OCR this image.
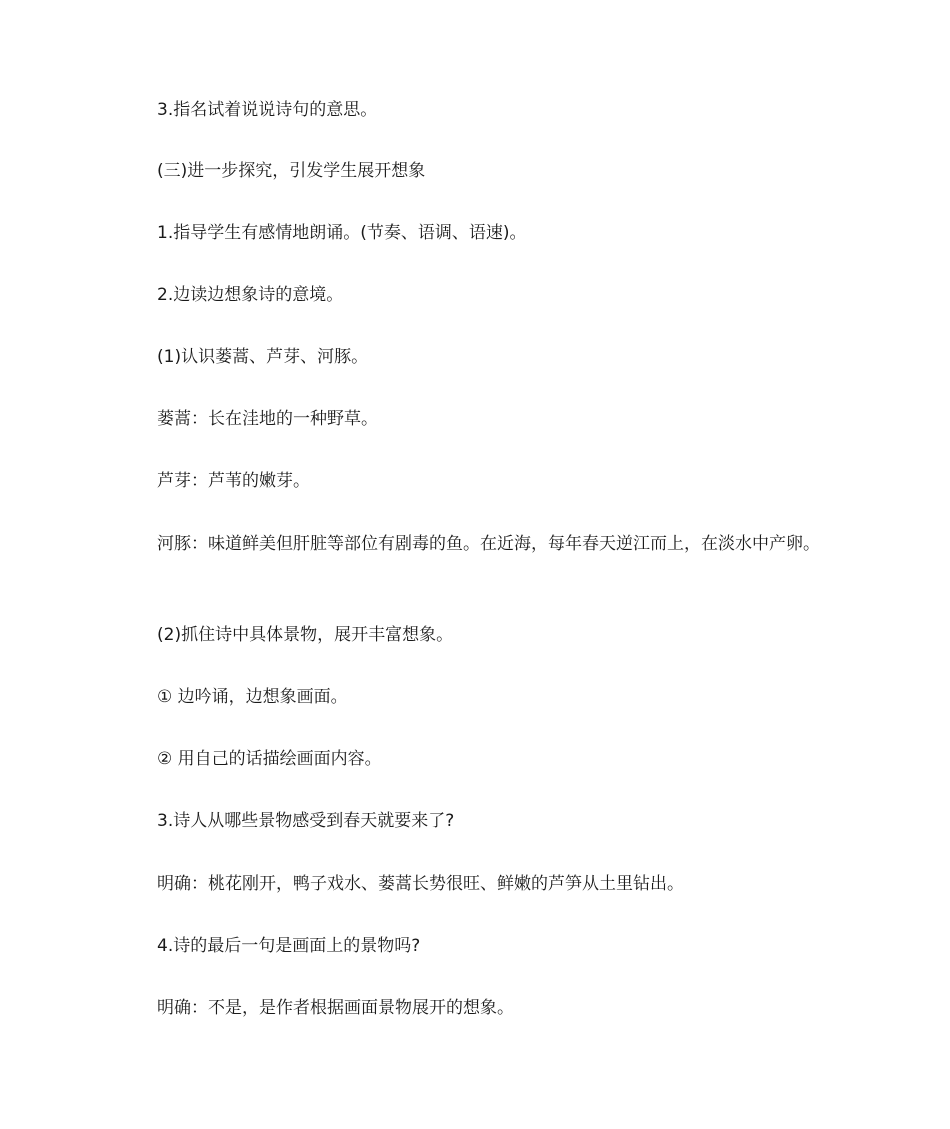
3.指名试着说说诗句的意思。

(三)进一步探究，引发学生展开想象

1.指导学生有感情地朗诵。(节奏、语调、语速)。

2.边读边想象诗的意境。

(1)认识蒌蒿、芦芽、河豚。

蒌蒿：长在洼地的一种野草。

芦芽：芦苇的嫩芽。

河豚：味道鲜美但肝脏等部位有剧毒的鱼。在近海，每年春天逆江而上，在淡水中产卵。

(2)抓住诗中具体景物，展开丰富想象。

① 边吟诵，边想象画面。

② 用自己的话描绘画面内容。

3.诗人从哪些景物感受到春天就要来了?

明确：桃花刚开，鸭子戏水、蒌蒿长势很旺、鲜嫩的芦笋从土里钻出。

4.诗的最后一句是画面上的景物吗?

明确：不是，是作者根据画面景物展开的想象。
